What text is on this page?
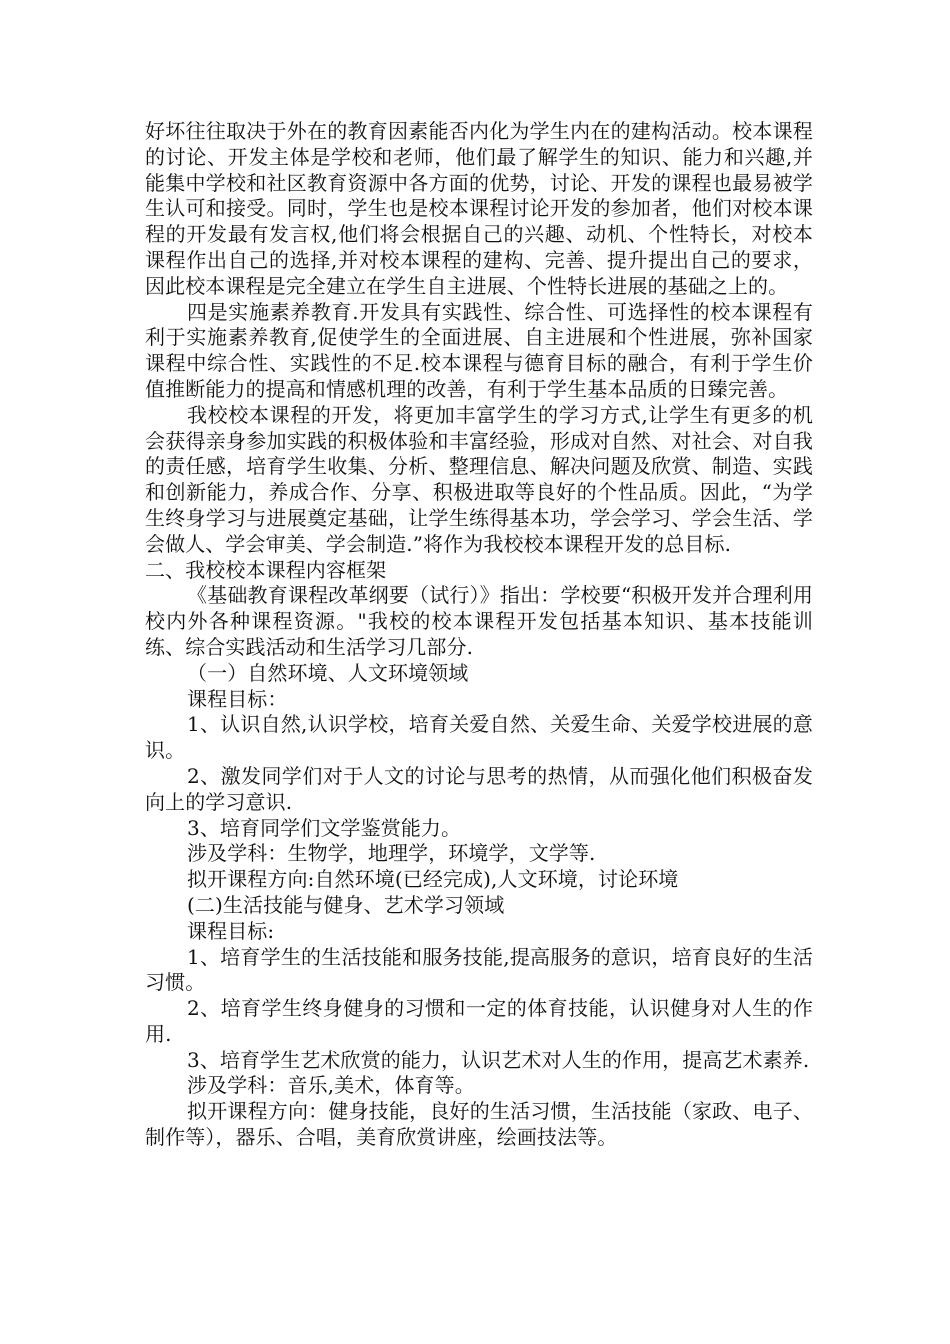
好坏往往取决于外在的教育因素能否内化为学生内在的建构活动。校本课程的讨论、开发主体是学校和老师，他们最了解学生的知识、能力和兴趣,并能集中学校和社区教育资源中各方面的优势，讨论、开发的课程也最易被学生认可和接受。同时，学生也是校本课程讨论开发的参加者，他们对校本课程的开发最有发言权,他们将会根据自己的兴趣、动机、个性特长，对校本课程作出自己的选择,并对校本课程的建构、完善、提升提出自己的要求，因此校本课程是完全建立在学生自主进展、个性特长进展的基础之上的。

四是实施素养教育.开发具有实践性、综合性、可选择性的校本课程有利于实施素养教育,促使学生的全面进展、自主进展和个性进展，弥补国家课程中综合性、实践性的不足.校本课程与德育目标的融合，有利于学生价值推断能力的提高和情感机理的改善，有利于学生基本品质的日臻完善。

我校校本课程的开发，将更加丰富学生的学习方式,让学生有更多的机会获得亲身参加实践的积极体验和丰富经验，形成对自然、对社会、对自我的责任感，培育学生收集、分析、整理信息、解决问题及欣赏、制造、实践和创新能力，养成合作、分享、积极进取等良好的个性品质。因此，“为学生终身学习与进展奠定基础，让学生练得基本功，学会学习、学会生活、学会做人、学会审美、学会制造.”将作为我校校本课程开发的总目标.

二、我校校本课程内容框架

《基础教育课程改革纲要（试行）》指出：学校要“积极开发并合理利用校内外各种课程资源。"我校的校本课程开发包括基本知识、基本技能训练、综合实践活动和生活学习几部分.

（一）自然环境、人文环境领域

课程目标：

1、认识自然,认识学校，培育关爱自然、关爱生命、关爱学校进展的意识。

2、激发同学们对于人文的讨论与思考的热情，从而强化他们积极奋发向上的学习意识.

3、培育同学们文学鉴赏能力。

涉及学科：生物学，地理学，环境学，文学等.

拟开课程方向:自然环境(已经完成),人文环境，讨论环境

(二)生活技能与健身、艺术学习领域

课程目标:

1、培育学生的生活技能和服务技能,提高服务的意识，培育良好的生活习惯。

2、培育学生终身健身的习惯和一定的体育技能，认识健身对人生的作用.

3、培育学生艺术欣赏的能力，认识艺术对人生的作用，提高艺术素养.

涉及学科：音乐,美术，体育等。

拟开课程方向：健身技能，良好的生活习惯，生活技能（家政、电子、制作等），器乐、合唱，美育欣赏讲座，绘画技法等。
